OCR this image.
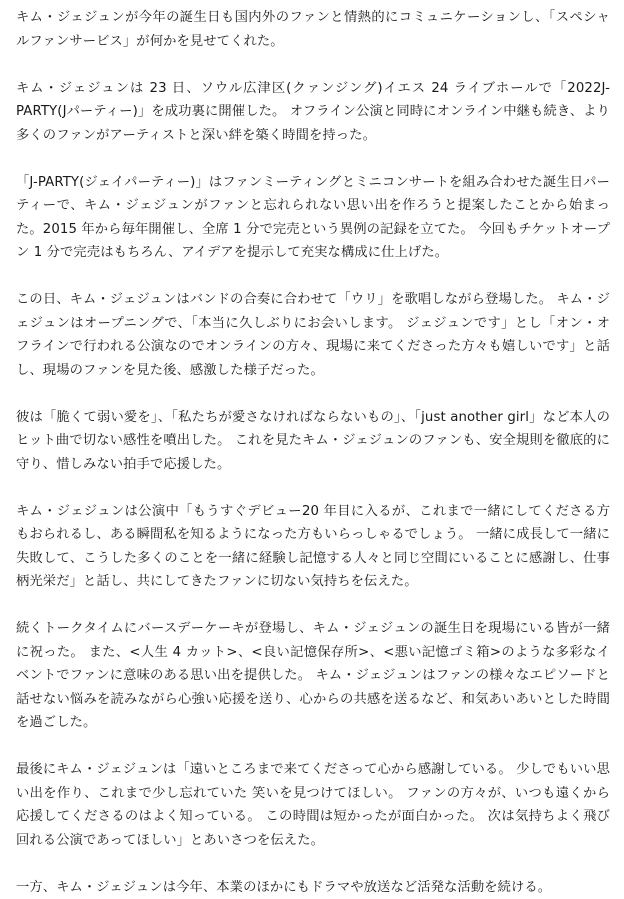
キム・ジェジュンが今年の誕生日も国内外のファンと情熱的にコミュニケーションし、「スペシャルファンサービス」が何かを見せてくれた。

キム・ジェジュンは 23 日、ソウル広津区(クァンジング)イエス 24 ライブホールで「2022J-PARTY(Jパーティー)」を成功裏に開催した。 オフライン公演と同時にオンライン中継も続き、より多くのファンがアーティストと深い絆を築く時間を持った。

「J-PARTY(ジェイパーティー)」はファンミーティングとミニコンサートを組み合わせた誕生日パーティーで、キム・ジェジュンがファンと忘れられない思い出を作ろうと提案したことから始まった。2015 年から毎年開催し、全席 1 分で完売という異例の記録を立てた。 今回もチケットオープン 1 分で完売はもちろん、アイデアを提示して充実な構成に仕上げた。

この日、キム・ジェジュンはバンドの合奏に合わせて「ウリ」を歌唱しながら登場した。 キム・ジェジュンはオープニングで、「本当に久しぶりにお会いします。 ジェジュンです」とし「オン・オフラインで行われる公演なのでオンラインの方々、現場に来てくださった方々も嬉しいです」と話し、現場のファンを見た後、感激した様子だった。

彼は「脆くて弱い愛を」、「私たちが愛さなければならないもの」、「just another girl」など本人のヒット曲で切ない感性を噴出した。 これを見たキム・ジェジュンのファンも、安全規則を徹底的に守り、惜しみない拍手で応援した。

キム・ジェジュンは公演中「もうすぐデビュー20 年目に入るが、これまで一緒にしてくださる方もおられるし、ある瞬間私を知るようになった方もいらっしゃるでしょう。 一緒に成長して一緒に失敗して、こうした多くのことを一緒に経験し記憶する人々と同じ空間にいることに感謝し、仕事柄光栄だ」と話し、共にしてきたファンに切ない気持ちを伝えた。

続くトークタイムにバースデーケーキが登場し、キム・ジェジュンの誕生日を現場にいる皆が一緒に祝った。 また、<人生 4 カット>、<良い記憶保存所>、<悪い記憶ゴミ箱>のような多彩なイベントでファンに意味のある思い出を提供した。 キム・ジェジュンはファンの様々なエピソードと話せない悩みを読みながら心強い応援を送り、心からの共感を送るなど、和気あいあいとした時間を過ごした。

最後にキム・ジェジュンは「遠いところまで来てくださって心から感謝している。 少しでもいい思い出を作り、これまで少し忘れていた 笑いを見つけてほしい。 ファンの方々が、いつも遠くから 応援してくださるのはよく知っている。 この時間は短かったが面白かった。 次は気持ちよく飛び回れる公演であってほしい」とあいさつを伝えた。

一方、キム・ジェジュンは今年、本業のほかにもドラマや放送など活発な活動を続ける。
